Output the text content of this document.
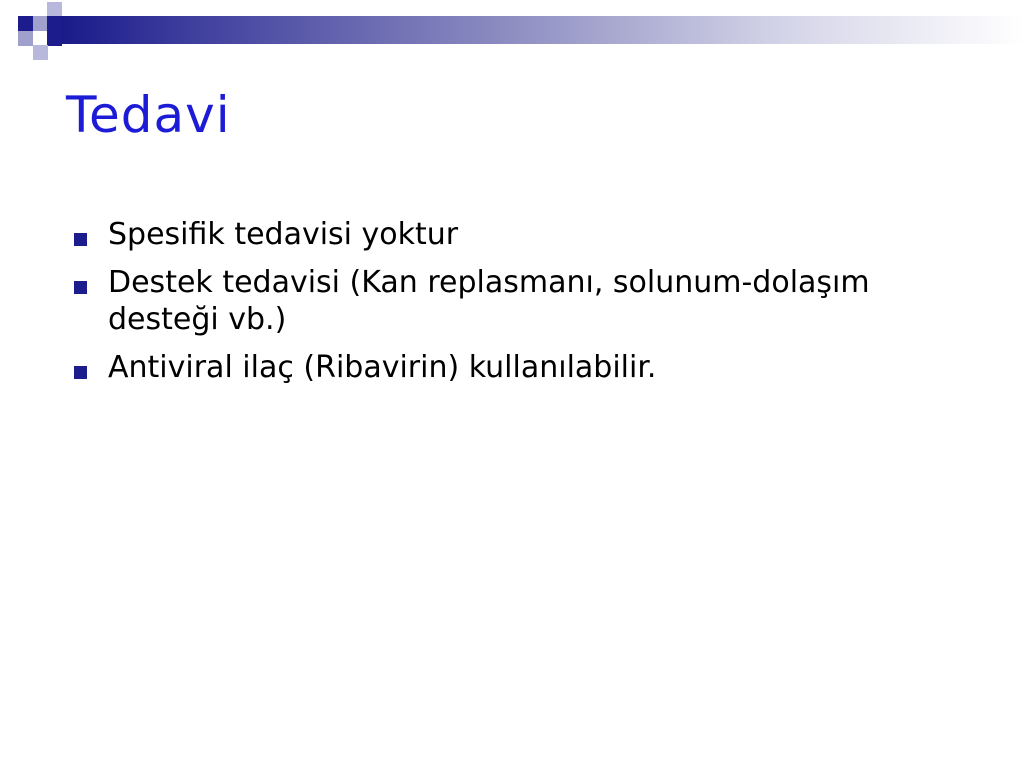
Tedavi
Spesifik tedavisi yoktur
Destek tedavisi (Kan replasmanı, solunum-dolaşım desteği vb.)
Antiviral ilaç (Ribavirin) kullanılabilir.
